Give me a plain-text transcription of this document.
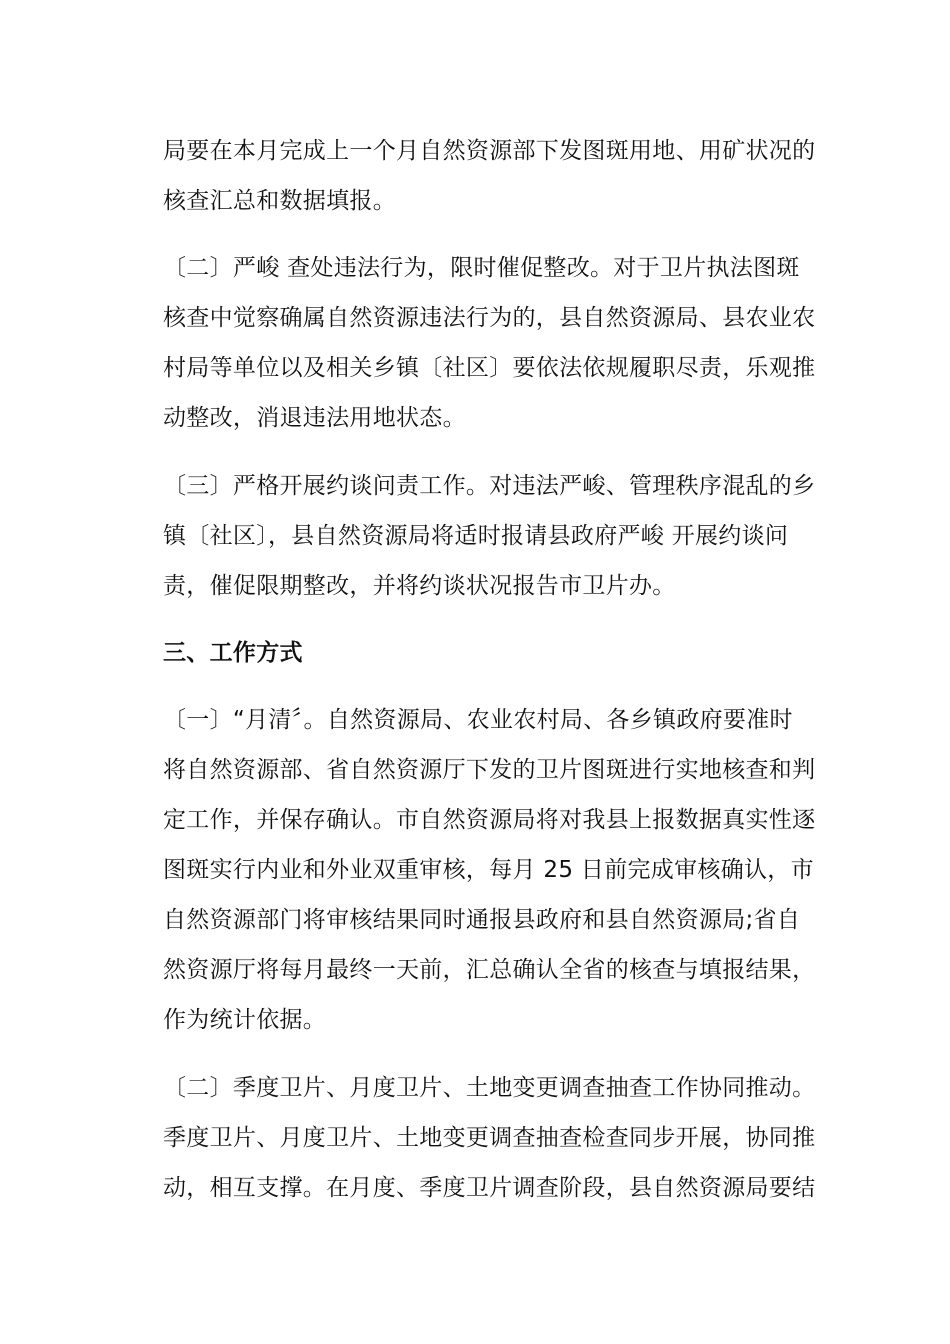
局要在本月完成上一个月自然资源部下发图斑用地、用矿状况的
核查汇总和数据填报。
〔二〕严峻 查处违法行为，限时催促整改。对于卫片执法图斑
核查中觉察确属自然资源违法行为的，县自然资源局、县农业农
村局等单位以及相关乡镇〔社区〕要依法依规履职尽责，乐观推
动整改，消退违法用地状态。
〔三〕严格开展约谈问责工作。对违法严峻、管理秩序混乱的乡
镇〔社区〕，县自然资源局将适时报请县政府严峻 开展约谈问
责，催促限期整改，并将约谈状况报告市卫片办。
三、工作方式
〔一〕“月清〞。自然资源局、农业农村局、各乡镇政府要准时
将自然资源部、省自然资源厅下发的卫片图斑进行实地核查和判
定工作，并保存确认。市自然资源局将对我县上报数据真实性逐
图斑实行内业和外业双重审核，每月 25 日前完成审核确认，市
自然资源部门将审核结果同时通报县政府和县自然资源局;省自
然资源厅将每月最终一天前，汇总确认全省的核查与填报结果，
作为统计依据。
〔二〕季度卫片、月度卫片、土地变更调查抽查工作协同推动。
季度卫片、月度卫片、土地变更调查抽查检查同步开展，协同推
动，相互支撑。在月度、季度卫片调查阶段，县自然资源局要结
